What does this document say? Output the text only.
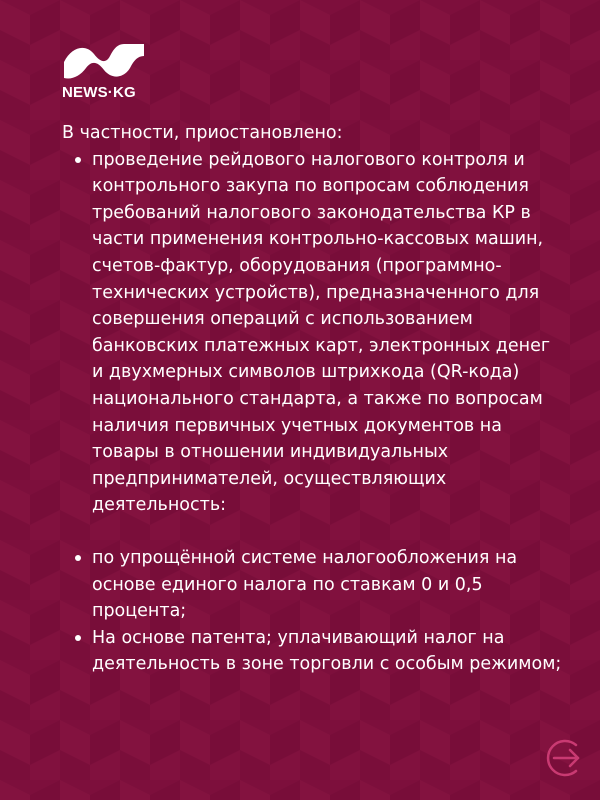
NEWS·KG

В частности, приостановлено:

проведение рейдового налогового контроля и контрольного закупа по вопросам соблюдения требований налогового законодательства КР в части применения контрольно-кассовых машин, счетов-фактур, оборудования (программно-технических устройств), предназначенного для совершения операций с использованием банковских платежных карт, электронных денег и двухмерных символов штрихкода (QR-кода) национального стандарта, а также по вопросам наличия первичных учетных документов на товары в отношении индивидуальных предпринимателей, осуществляющих деятельность:
по упрощённой системе налогообложения на основе единого налога по ставкам 0 и 0,5 процента;
На основе патента; уплачивающий налог на деятельность в зоне торговли с особым режимом;
